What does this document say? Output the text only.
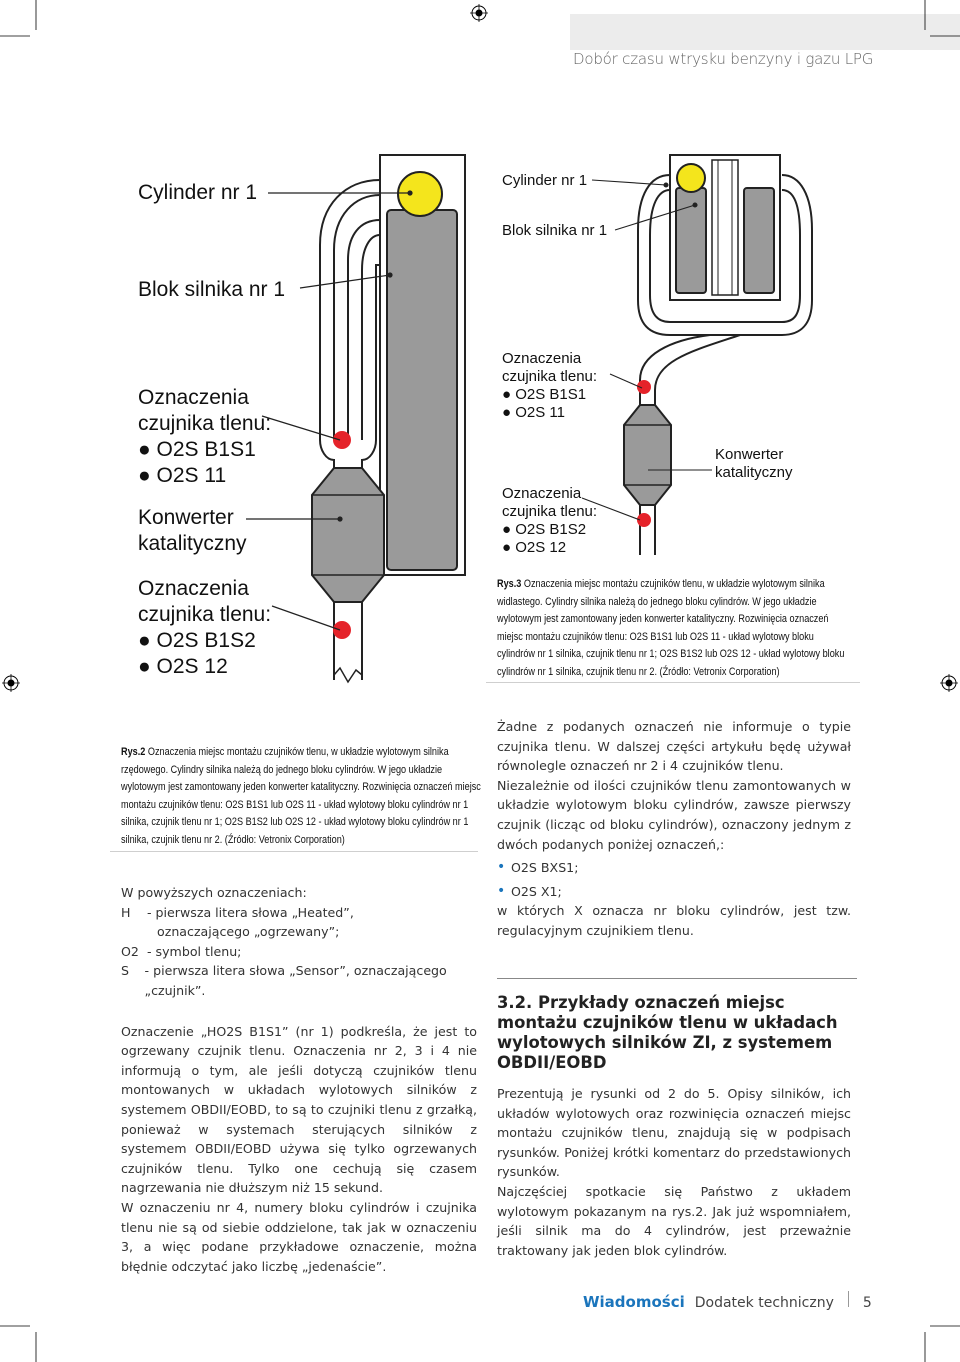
Dobór czasu wtrysku benzyny i gazu LPG
Cylinder nr 1
Blok silnika nr 1
Oznaczenia
czujnika tlenu:
● O2S B1S1
● O2S 11
Konwerter
katalityczny
Oznaczenia
czujnika tlenu:
● O2S B1S2
● O2S 12
Cylinder nr 1
Blok silnika nr 1
Oznaczenia
czujnika tlenu:
● O2S B1S1
● O2S 11
Konwerter
katalityczny
Oznaczenia
czujnika tlenu:
● O2S B1S2
● O2S 12
Rys.3 Oznaczenia miejsc montażu czujników tlenu, w układzie wylotowym silnika widlastego. Cylindry silnika należą do jednego bloku cylindrów. W jego układzie wylotowym jest zamontowany jeden konwerter katalityczny. Rozwinięcia oznaczeń miejsc montażu czujników tlenu: O2S B1S1 lub O2S 11 - układ wylotowy bloku cylindrów nr 1 silnika, czujnik tlenu nr 1; O2S B1S2 lub O2S 12 - układ wylotowy bloku cylindrów nr 1 silnika, czujnik tlenu nr 2. (Źródło: Vetronix Corporation)
Rys.2 Oznaczenia miejsc montażu czujników tlenu, w układzie wylotowym silnika rzędowego. Cylindry silnika należą do jednego bloku cylindrów. W jego układzie wylotowym jest zamontowany jeden konwerter katalityczny. Rozwinięcia oznaczeń miejsc montażu czujników tlenu: O2S B1S1 lub O2S 11 - układ wylotowy bloku cylindrów nr 1 silnika, czujnik tlenu nr 1; O2S B1S2 lub O2S 12 - układ wylotowy bloku cylindrów nr 1 silnika, czujnik tlenu nr 2. (Źródło: Vetronix Corporation)
W powyższych oznaczeniach:
H	- pierwsza litera słowa „Heated”,
oznaczającego „ogrzewany”;
O2 - symbol tlenu;
S	- pierwsza litera słowa „Sensor”, oznaczającego „czujnik”.

Oznaczenie „HO2S B1S1” (nr 1) podkreśla, że jest to ogrzewany czujnik tlenu. Oznaczenia nr 2, 3 i 4 nie informują o tym, ale jeśli dotyczą czujników tlenu montowanych w układach wylotowych silników z systemem OBDII/EOBD, to są to czujniki tlenu z grzałką, ponieważ w systemach sterujących silników z systemem OBDII/EOBD używa się tylko ogrzewanych czujników tlenu. Tylko one cechują się czasem nagrzewania nie dłuższym niż 15 sekund.

W oznaczeniu nr 4, numery bloku cylindrów i czujnika tlenu nie są od siebie oddzielone, tak jak w oznaczeniu 3, a więc podane przykładowe oznaczenie, można błędnie odczytać jako liczbę „jedenaście”.

Żadne z podanych oznaczeń nie informuje o typie czujnika tlenu. W dalszej części artykułu będę używał równolegle oznaczeń nr 2 i 4 czujników tlenu.

Niezależnie od ilości czujników tlenu zamontowanych w układzie wylotowym bloku cylindrów, zawsze pierwszy czujnik (licząc od bloku cylindrów), oznaczony jednym z dwóch podanych poniżej oznaczeń,:

• O2S BXS1;
• O2S X1;

w których X oznacza nr bloku cylindrów, jest tzw. regulacyjnym czujnikiem tlenu.

3.2. Przykłady oznaczeń miejsc montażu czujników tlenu w układach wylotowych silników ZI, z systemem OBDII/EOBD

Prezentują je rysunki od 2 do 5. Opisy silników, ich układów wylotowych oraz rozwinięcia oznaczeń miejsc montażu czujników tlenu, znajdują się w podpisach rysunków. Poniżej krótki komentarz do przedstawionych rysunków.

Najczęściej spotkacie się Państwo z układem wylotowym pokazanym na rys.2. Jak już wspomniałem, jeśli silnik ma do 4 cylindrów, jest przeważnie traktowany jak jeden blok cylindrów.

Wiadomości Dodatek techniczny 5
